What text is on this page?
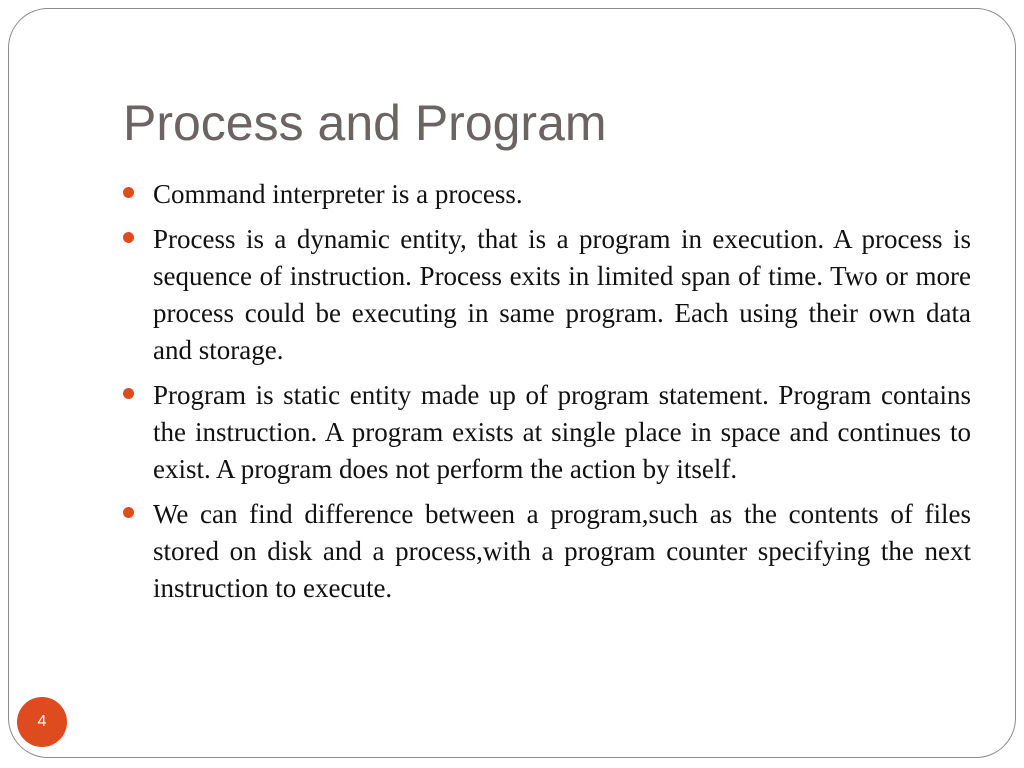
Process and Program
Command interpreter is a process.
Process is a dynamic entity, that is a program in execution. A process is sequence of instruction. Process exits in limited span of time. Two or more process could be executing in same program. Each using their own data and storage.
Program is static entity made up of program statement. Program contains the instruction. A program exists at single place in space and continues to exist. A program does not perform the action by itself.
We can find difference between a program,such as the contents of files stored on disk and a process,with a program counter specifying the next instruction to execute.
4
